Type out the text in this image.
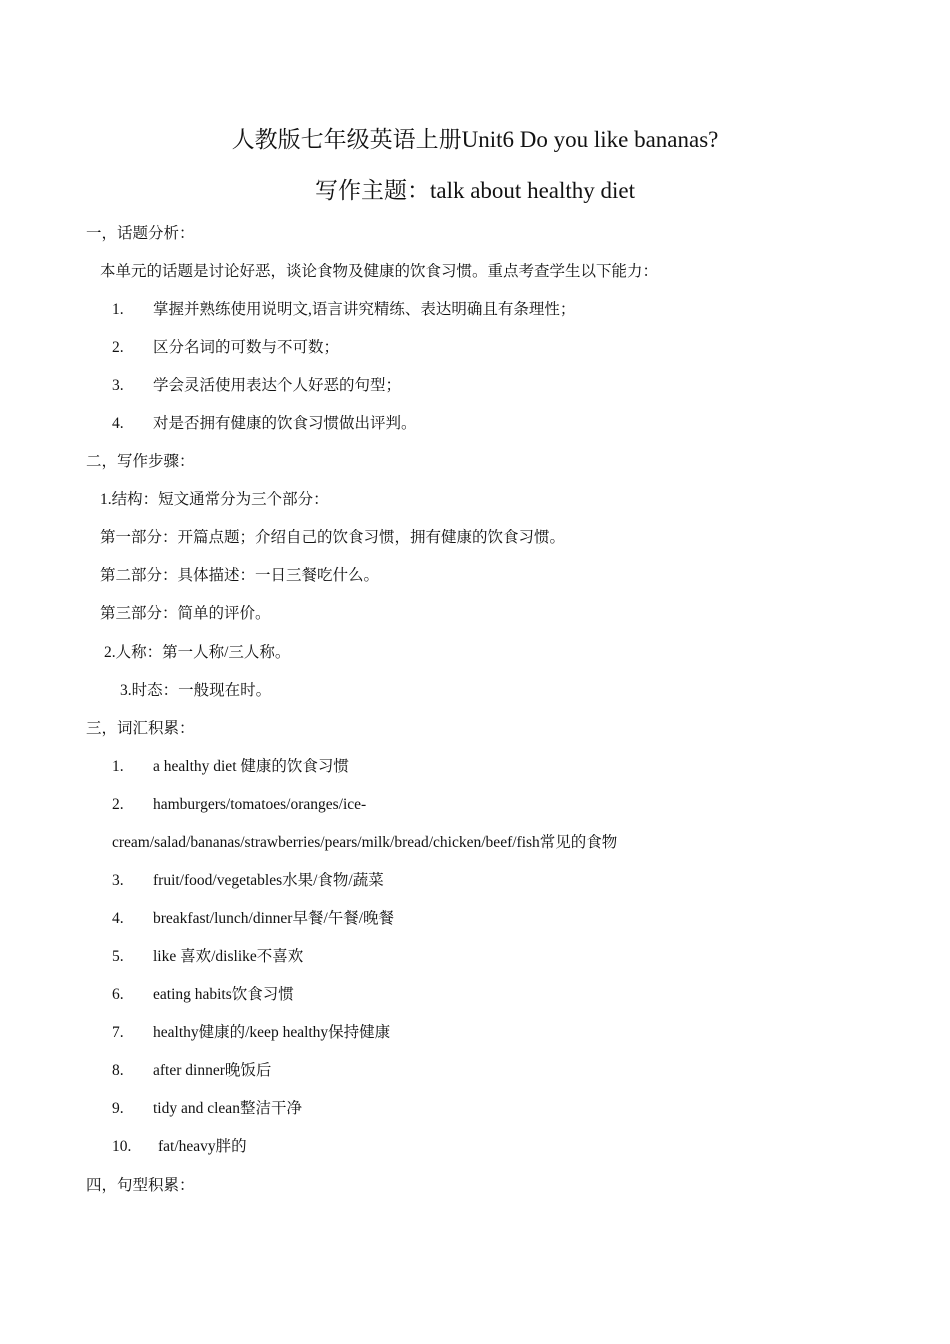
人教版七年级英语上册Unit6 Do you like bananas?
写作主题：talk about healthy diet
一，话题分析：
本单元的话题是讨论好恶，谈论食物及健康的饮食习惯。重点考查学生以下能力：
1. 掌握并熟练使用说明文,语言讲究精练、表达明确且有条理性；
2. 区分名词的可数与不可数；
3. 学会灵活使用表达个人好恶的句型；
4. 对是否拥有健康的饮食习惯做出评判。
二，写作步骤：
1.结构：短文通常分为三个部分：
第一部分：开篇点题；介绍自己的饮食习惯，拥有健康的饮食习惯。
第二部分：具体描述：一日三餐吃什么。
第三部分：简单的评价。
2.人称：第一人称/三人称。
3.时态：一般现在时。
三，词汇积累：
1. a healthy diet 健康的饮食习惯
2. hamburgers/tomatoes/oranges/ice-
cream/salad/bananas/strawberries/pears/milk/bread/chicken/beef/fish常见的食物
3. fruit/food/vegetables水果/食物/蔬菜
4. breakfast/lunch/dinner早餐/午餐/晚餐
5. like 喜欢/dislike不喜欢
6. eating habits饮食习惯
7. healthy健康的/keep healthy保持健康
8. after dinner晚饭后
9. tidy and clean整洁干净
10. fat/heavy胖的
四，句型积累：
